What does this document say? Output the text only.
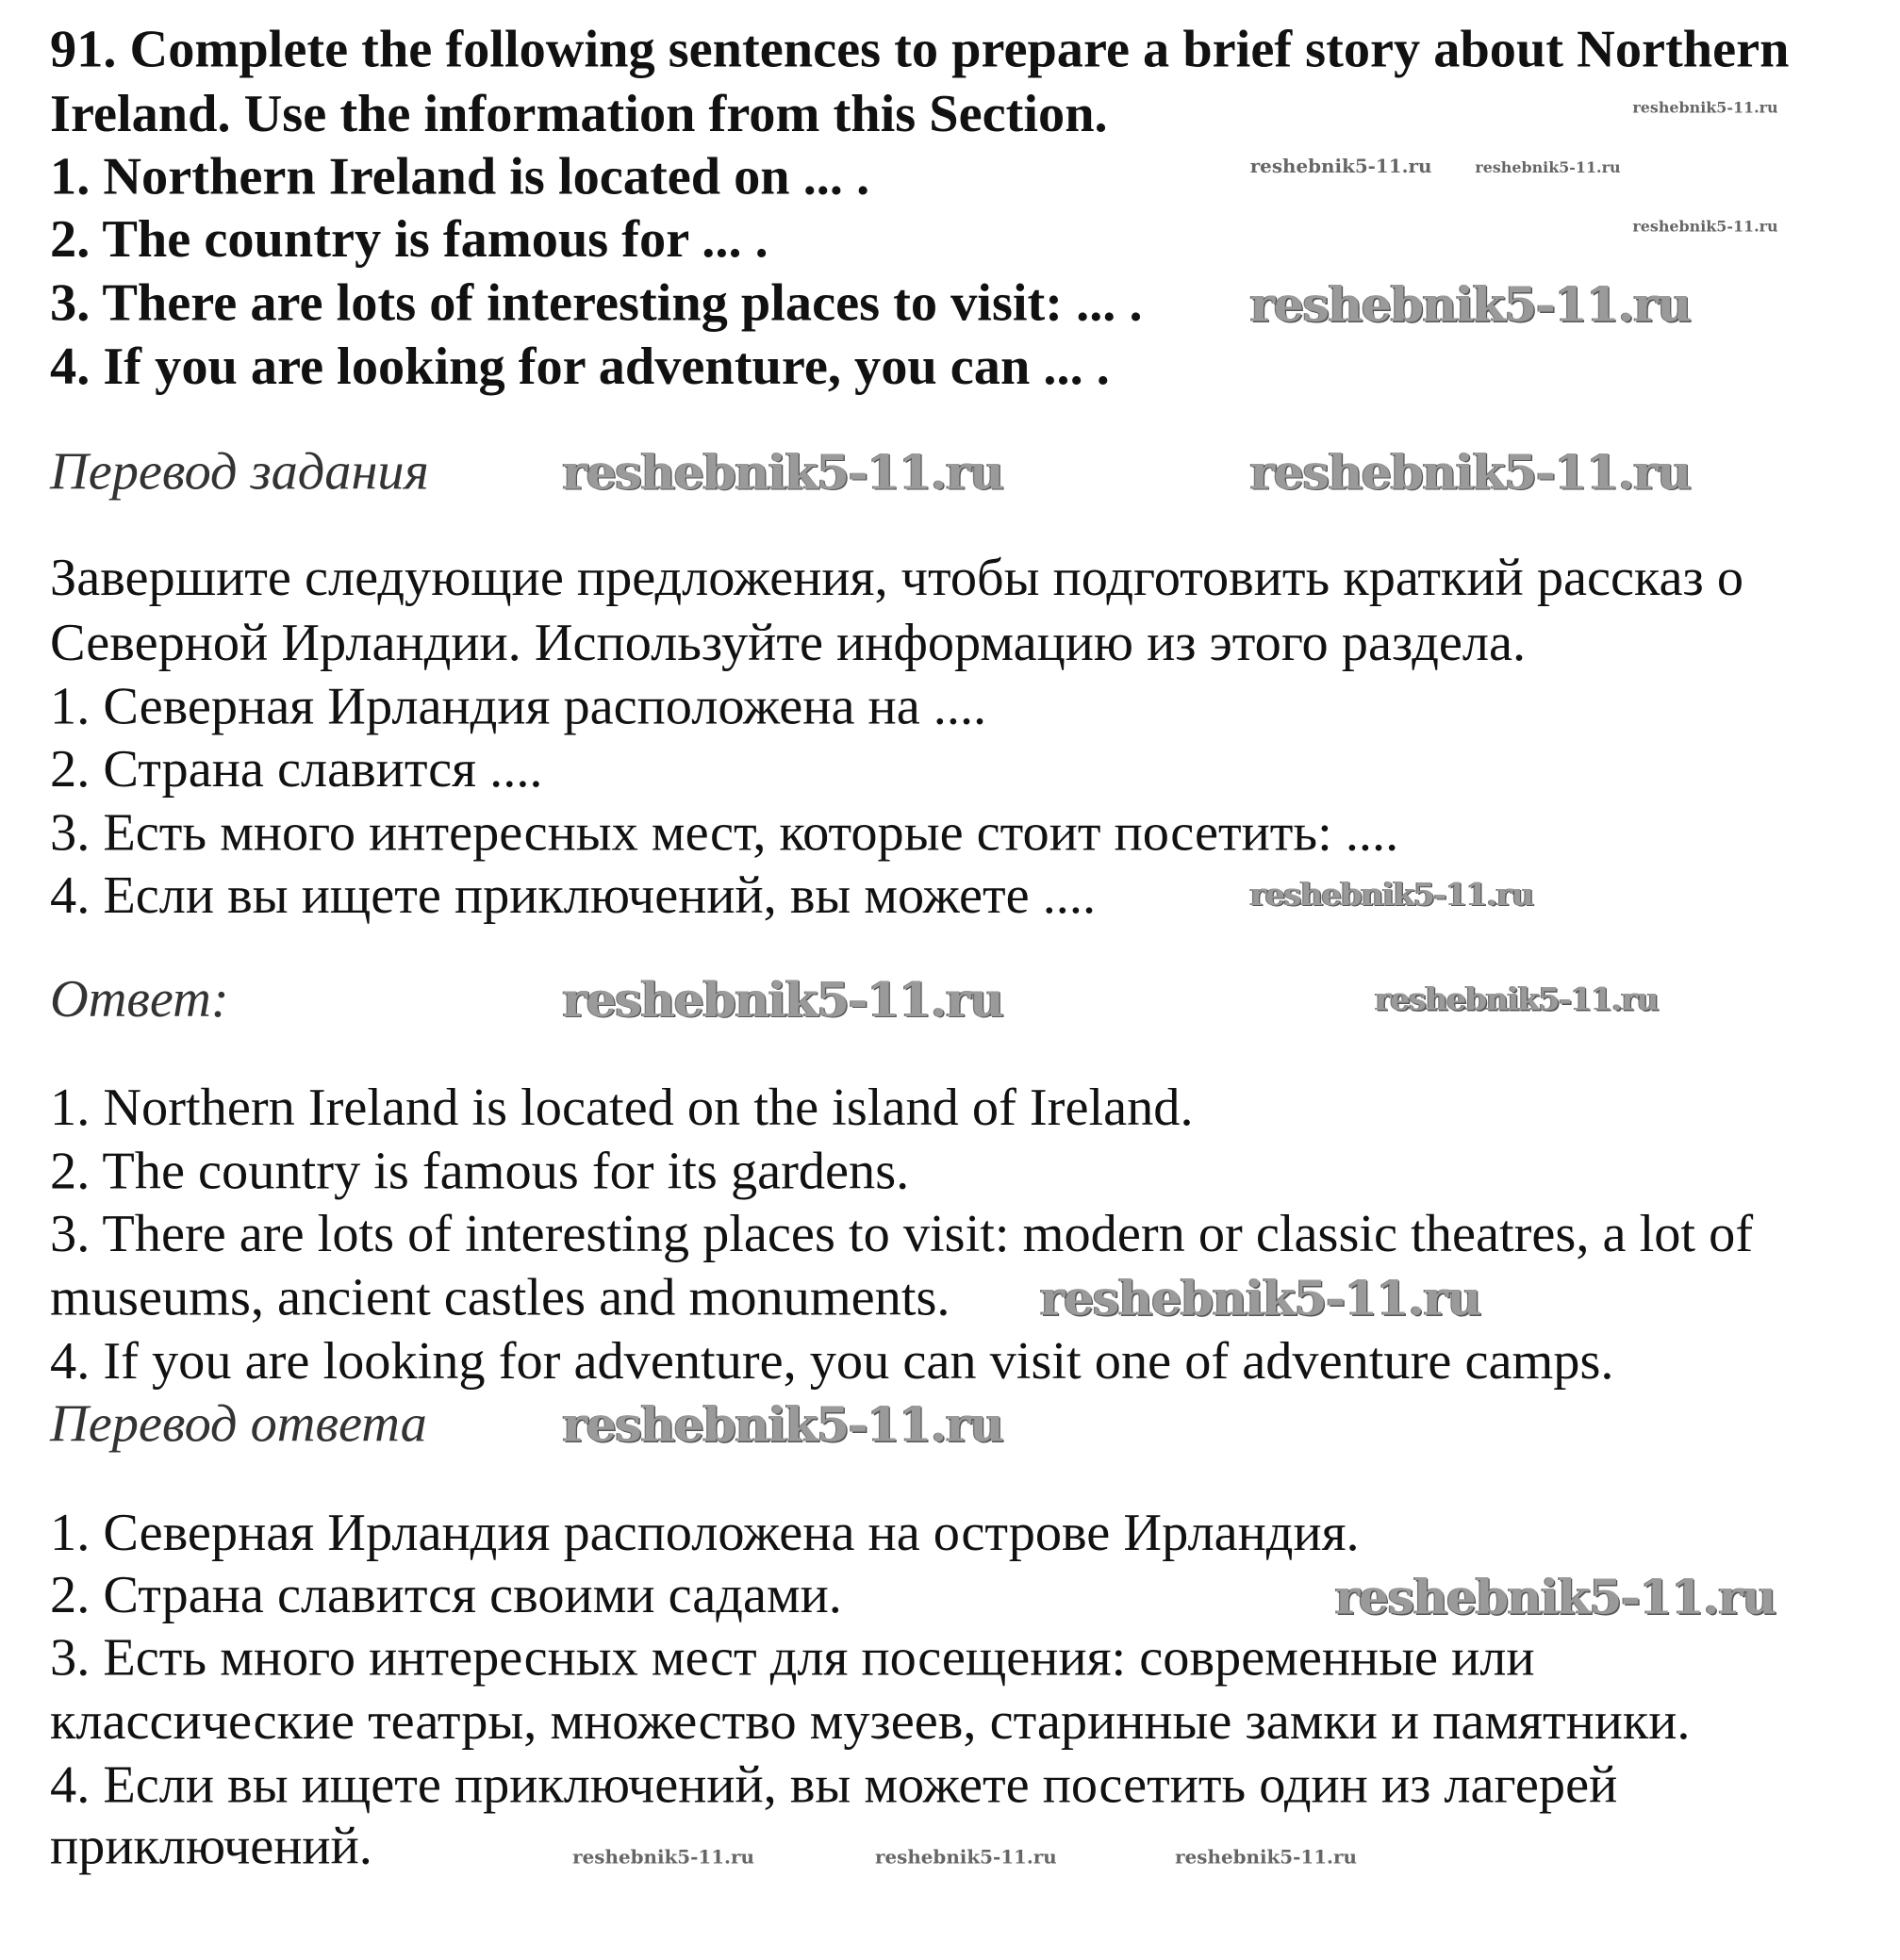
91. Complete the following sentences to prepare a brief story about Northern
Ireland. Use the information from this Section.
1. Northern Ireland is located on ... .
2. The country is famous for ... .
3. There are lots of interesting places to visit: ... .
4. If you are looking for adventure, you can ... .
Перевод задания
Завершите следующие предложения, чтобы подготовить краткий рассказ о
Северной Ирландии. Используйте информацию из этого раздела.
1. Северная Ирландия расположена на ....
2. Страна славится ....
3. Есть много интересных мест, которые стоит посетить: ....
4. Если вы ищете приключений, вы можете ....
Ответ:
1. Northern Ireland is located on the island of Ireland.
2. The country is famous for its gardens.
3. There are lots of interesting places to visit: modern or classic theatres, a lot of
museums, ancient castles and monuments.
4. If you are looking for adventure, you can visit one of adventure camps.
Перевод ответа
1. Северная Ирландия расположена на острове Ирландия.
2. Страна славится своими садами.
3. Есть много интересных мест для посещения: современные или
классические театры, множество музеев, старинные замки и памятники.
4. Если вы ищете приключений, вы можете посетить один из лагерей
приключений.
reshebnik5-11.ru
reshebnik5-11.ru	reshebnik5-11.ru
reshebnik5-11.ru
reshebnik5-11.ru
reshebnik5-11.ru
reshebnik5-11.ru
reshebnik5-11.ru
reshebnik5-11.ru
reshebnik5-11.ru
reshebnik5-11.ru	reshebnik5-11.ru
reshebnik5-11.ru
reshebnik5-11.ru	reshebnik5-11.ru	reshebnik5-11.ru
